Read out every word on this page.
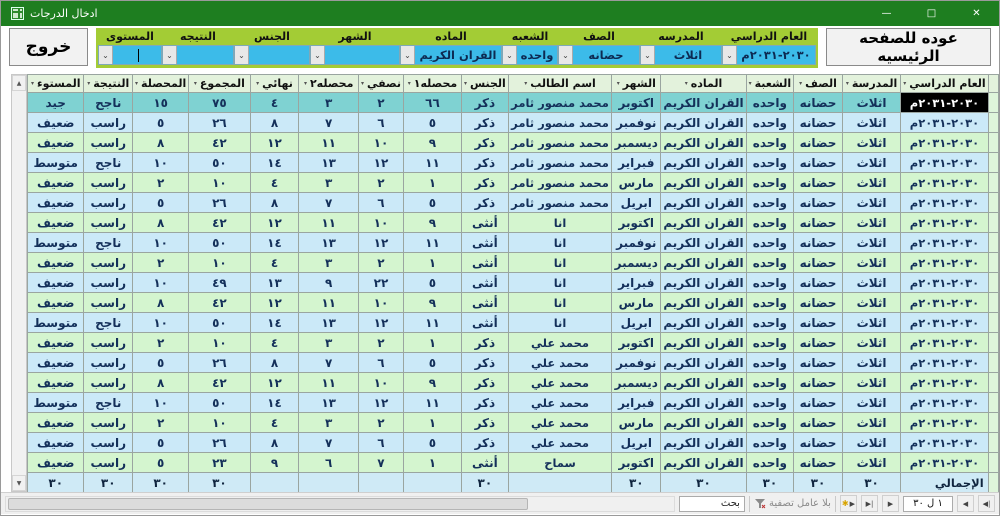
ادخال الدرجات	—	□	✕
عوده للصفحه الرئيسيه
العام الدراسي
٢٠٣٠-٢٠٣١م
⌄
المدرسه
اثلاث
⌄
الصف
حضانه
⌄
الشعبه
واحده
⌄
الماده
القران الكريم
⌄
الشهر
⌄
الجنس
⌄
النتيجه
⌄
المستوى
⌄
خروج
▲
▼

	العام الدراسي
▾	المدرسة
▾	الصف
▾	الشعبة
▾	الماده
▾	الشهر
▾	اسم الطالب
▾	الجنس
▾	محصله١
▾	نصفي
▾	محصله٢
▾	نهائي
▾	المجموع
▾	المحصلة
▾	النتيجة
▾	المستوء
▾

	٢٠٣٠-٢٠٣١م	اثلاث	حضانه	واحده	القران الكريم	اكتوبر	محمد منصور ثامر	ذكر	٦٦	٢	٣	٤	٧٥	١٥	ناجح	جيد
	٢٠٣٠-٢٠٣١م	اثلاث	حضانه	واحده	القران الكريم	نوفمبر	محمد منصور ثامر	ذكر	٥	٦	٧	٨	٢٦	٥	راسب	ضعيف
	٢٠٣٠-٢٠٣١م	اثلاث	حضانه	واحده	القران الكريم	ديسمبر	محمد منصور ثامر	ذكر	٩	١٠	١١	١٢	٤٢	٨	راسب	ضعيف
	٢٠٣٠-٢٠٣١م	اثلاث	حضانه	واحده	القران الكريم	فبراير	محمد منصور ثامر	ذكر	١١	١٢	١٣	١٤	٥٠	١٠	ناجح	متوسط
	٢٠٣٠-٢٠٣١م	اثلاث	حضانه	واحده	القران الكريم	مارس	محمد منصور ثامر	ذكر	١	٢	٣	٤	١٠	٢	راسب	ضعيف
	٢٠٣٠-٢٠٣١م	اثلاث	حضانه	واحده	القران الكريم	ابريل	محمد منصور ثامر	ذكر	٥	٦	٧	٨	٢٦	٥	راسب	ضعيف
	٢٠٣٠-٢٠٣١م	اثلاث	حضانه	واحده	القران الكريم	اكتوبر	انا	أنثى	٩	١٠	١١	١٢	٤٢	٨	راسب	ضعيف
	٢٠٣٠-٢٠٣١م	اثلاث	حضانه	واحده	القران الكريم	نوفمبر	انا	أنثى	١١	١٢	١٣	١٤	٥٠	١٠	ناجح	متوسط
	٢٠٣٠-٢٠٣١م	اثلاث	حضانه	واحده	القران الكريم	ديسمبر	انا	أنثى	١	٢	٣	٤	١٠	٢	راسب	ضعيف
	٢٠٣٠-٢٠٣١م	اثلاث	حضانه	واحده	القران الكريم	فبراير	انا	أنثى	٥	٢٢	٩	١٣	٤٩	١٠	راسب	ضعيف
	٢٠٣٠-٢٠٣١م	اثلاث	حضانه	واحده	القران الكريم	مارس	انا	أنثى	٩	١٠	١١	١٢	٤٢	٨	راسب	ضعيف
	٢٠٣٠-٢٠٣١م	اثلاث	حضانه	واحده	القران الكريم	ابريل	انا	أنثى	١١	١٢	١٣	١٤	٥٠	١٠	ناجح	متوسط
	٢٠٣٠-٢٠٣١م	اثلاث	حضانه	واحده	القران الكريم	اكتوبر	محمد علي	ذكر	١	٢	٣	٤	١٠	٢	راسب	ضعيف
	٢٠٣٠-٢٠٣١م	اثلاث	حضانه	واحده	القران الكريم	نوفمبر	محمد علي	ذكر	٥	٦	٧	٨	٢٦	٥	راسب	ضعيف
	٢٠٣٠-٢٠٣١م	اثلاث	حضانه	واحده	القران الكريم	ديسمبر	محمد علي	ذكر	٩	١٠	١١	١٢	٤٢	٨	راسب	ضعيف
	٢٠٣٠-٢٠٣١م	اثلاث	حضانه	واحده	القران الكريم	فبراير	محمد علي	ذكر	١١	١٢	١٣	١٤	٥٠	١٠	ناجح	متوسط
	٢٠٣٠-٢٠٣١م	اثلاث	حضانه	واحده	القران الكريم	مارس	محمد علي	ذكر	١	٢	٣	٤	١٠	٢	راسب	ضعيف
	٢٠٣٠-٢٠٣١م	اثلاث	حضانه	واحده	القران الكريم	ابريل	محمد علي	ذكر	٥	٦	٧	٨	٢٦	٥	راسب	ضعيف
	٢٠٣٠-٢٠٣١م	اثلاث	حضانه	واحده	القران الكريم	اكتوبر	سماح	أنثى	١	٧	٦	٩	٢٣	٥	راسب	ضعيف
	الإجمالي	٣٠	٣٠	٣٠	٣٠	٣٠		٣٠					٣٠	٣٠	٣٠	٣٠
بحث
بلا عامل تصفية ✱ ▶	▶|	▶
١ ل ٣٠	◀	◀|
